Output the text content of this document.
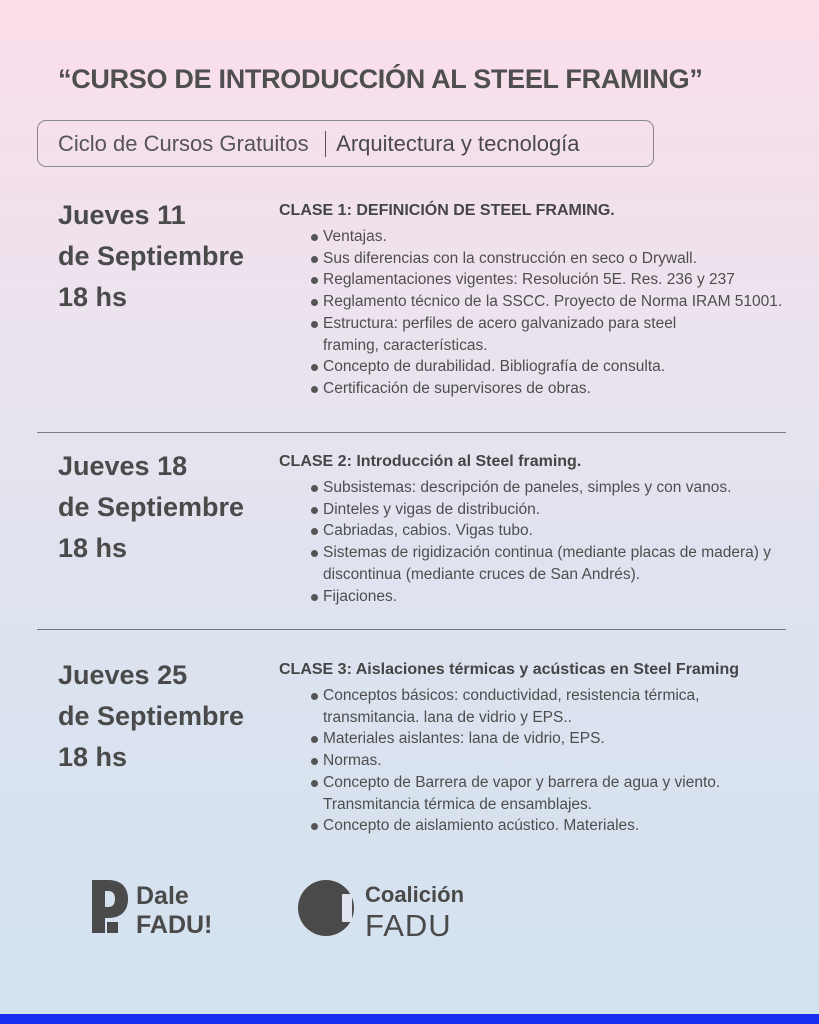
“CURSO DE INTRODUCCIÓN AL STEEL FRAMING”
Ciclo de Cursos Gratuitos Arquitectura y tecnología
Jueves 11
de Septiembre
18 hs
CLASE 1: DEFINICIÓN DE STEEL FRAMING.
Ventajas.
Sus diferencias con la construcción en seco o Drywall.
Reglamentaciones vigentes: Resolución 5E. Res. 236 y 237
Reglamento técnico de la SSCC. Proyecto de Norma IRAM 51001.
Estructura: perfiles de acero galvanizado para steel framing, características.
Concepto de durabilidad. Bibliografía de consulta.
Certificación de supervisores de obras.
Jueves 18
de Septiembre
18 hs
CLASE 2: Introducción al Steel framing.
Subsistemas: descripción de paneles, simples y con vanos.
Dinteles y vigas de distribución.
Cabriadas, cabios. Vigas tubo.
Sistemas de rigidización continua (mediante placas de madera) y discontinua (mediante cruces de San Andrés).
Fijaciones.
Jueves 25
de Septiembre
18 hs
CLASE 3: Aislaciones térmicas y acústicas en Steel Framing
Conceptos básicos: conductividad, resistencia térmica, transmitancia. lana de vidrio y EPS..
Materiales aislantes: lana de vidrio, EPS.
Normas.
Concepto de Barrera de vapor y barrera de agua y viento. Transmitancia térmica de ensamblajes.
Concepto de aislamiento acústico. Materiales.
Dale
FADU!
Coalición
FADU
